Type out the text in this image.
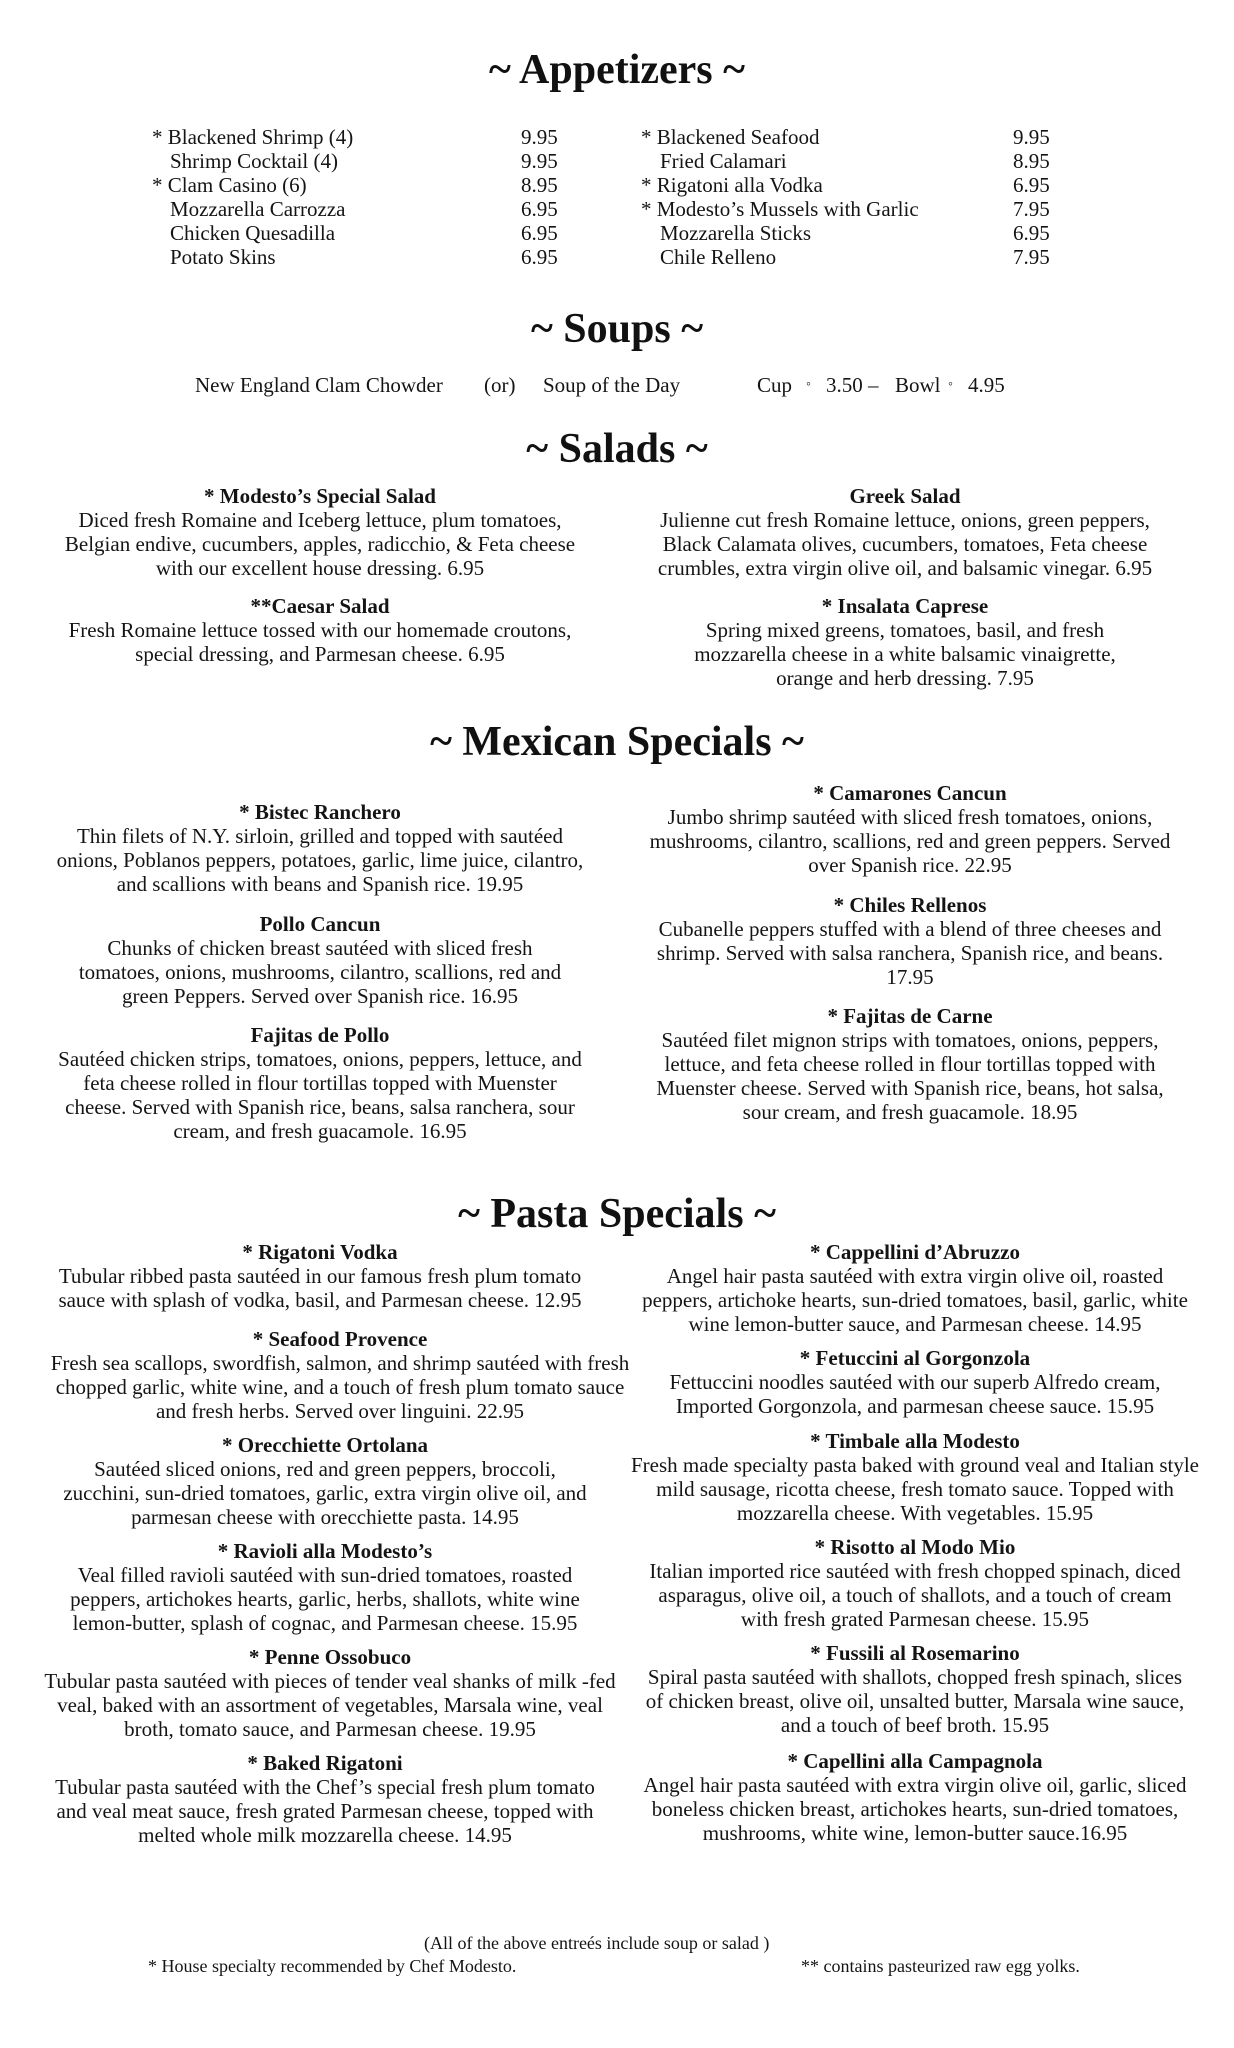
~ Appetizers ~
* Blackened Shrimp (4)	9.95
Shrimp Cocktail (4)	9.95
* Clam Casino (6)	8.95
Mozzarella Carrozza	6.95
Chicken Quesadilla	6.95
Potato Skins	6.95
* Blackened Seafood	9.95
Fried Calamari	8.95
* Rigatoni alla Vodka	6.95
* Modesto’s Mussels with Garlic	7.95
Mozzarella Sticks	6.95
Chile Relleno	7.95
~ Soups ~
New England Clam Chowder (or) Soup of the Day	Cup ◦ 3.50 – Bowl ◦ 4.95
~ Salads ~
* Modesto’s Special Salad
Diced fresh Romaine and Iceberg lettuce, plum tomatoes, Belgian endive, cucumbers, apples, radicchio, & Feta cheese with our excellent house dressing. 6.95
**Caesar Salad
Fresh Romaine lettuce tossed with our homemade croutons, special dressing, and Parmesan cheese. 6.95
Greek Salad
Julienne cut fresh Romaine lettuce, onions, green peppers, Black Calamata olives, cucumbers, tomatoes, Feta cheese crumbles, extra virgin olive oil, and balsamic vinegar. 6.95
* Insalata Caprese
Spring mixed greens, tomatoes, basil, and fresh mozzarella cheese in a white balsamic vinaigrette, orange and herb dressing. 7.95
~ Mexican Specials ~
* Bistec Ranchero
Thin filets of N.Y. sirloin, grilled and topped with sautéed onions, Poblanos peppers, potatoes, garlic, lime juice, cilantro, and scallions with beans and Spanish rice. 19.95
Pollo Cancun
Chunks of chicken breast sautéed with sliced fresh tomatoes, onions, mushrooms, cilantro, scallions, red and green Peppers. Served over Spanish rice. 16.95
Fajitas de Pollo
Sautéed chicken strips, tomatoes, onions, peppers, lettuce, and feta cheese rolled in flour tortillas topped with Muenster cheese. Served with Spanish rice, beans, salsa ranchera, sour cream, and fresh guacamole. 16.95
* Camarones Cancun
Jumbo shrimp sautéed with sliced fresh tomatoes, onions, mushrooms, cilantro, scallions, red and green peppers. Served over Spanish rice. 22.95
* Chiles Rellenos
Cubanelle peppers stuffed with a blend of three cheeses and shrimp. Served with salsa ranchera, Spanish rice, and beans. 17.95
* Fajitas de Carne
Sautéed filet mignon strips with tomatoes, onions, peppers, lettuce, and feta cheese rolled in flour tortillas topped with Muenster cheese. Served with Spanish rice, beans, hot salsa, sour cream, and fresh guacamole. 18.95
~ Pasta Specials ~
* Rigatoni Vodka
Tubular ribbed pasta sautéed in our famous fresh plum tomato sauce with splash of vodka, basil, and Parmesan cheese. 12.95
* Seafood Provence
Fresh sea scallops, swordfish, salmon, and shrimp sautéed with fresh chopped garlic, white wine, and a touch of fresh plum tomato sauce and fresh herbs. Served over linguini. 22.95
* Orecchiette Ortolana
Sautéed sliced onions, red and green peppers, broccoli, zucchini, sun-dried tomatoes, garlic, extra virgin olive oil, and parmesan cheese with orecchiette pasta. 14.95
* Ravioli alla Modesto’s
Veal filled ravioli sautéed with sun-dried tomatoes, roasted peppers, artichokes hearts, garlic, herbs, shallots, white wine lemon-butter, splash of cognac, and Parmesan cheese. 15.95
* Penne Ossobuco
Tubular pasta sautéed with pieces of tender veal shanks of milk -fed veal, baked with an assortment of vegetables, Marsala wine, veal broth, tomato sauce, and Parmesan cheese. 19.95
* Baked Rigatoni
Tubular pasta sautéed with the Chef’s special fresh plum tomato and veal meat sauce, fresh grated Parmesan cheese, topped with melted whole milk mozzarella cheese. 14.95
* Cappellini d’Abruzzo
Angel hair pasta sautéed with extra virgin olive oil, roasted peppers, artichoke hearts, sun-dried tomatoes, basil, garlic, white wine lemon-butter sauce, and Parmesan cheese. 14.95
* Fetuccini al Gorgonzola
Fettuccini noodles sautéed with our superb Alfredo cream, Imported Gorgonzola, and parmesan cheese sauce. 15.95
* Timbale alla Modesto
Fresh made specialty pasta baked with ground veal and Italian style mild sausage, ricotta cheese, fresh tomato sauce. Topped with mozzarella cheese. With vegetables. 15.95
* Risotto al Modo Mio
Italian imported rice sautéed with fresh chopped spinach, diced asparagus, olive oil, a touch of shallots, and a touch of cream with fresh grated Parmesan cheese. 15.95
* Fussili al Rosemarino
Spiral pasta sautéed with shallots, chopped fresh spinach, slices of chicken breast, olive oil, unsalted butter, Marsala wine sauce, and a touch of beef broth. 15.95
* Capellini alla Campagnola
Angel hair pasta sautéed with extra virgin olive oil, garlic, sliced boneless chicken breast, artichokes hearts, sun-dried tomatoes, mushrooms, white wine, lemon-butter sauce.16.95
(All of the above entreés include soup or salad )
* House specialty recommended by Chef Modesto.	** contains pasteurized raw egg yolks.
